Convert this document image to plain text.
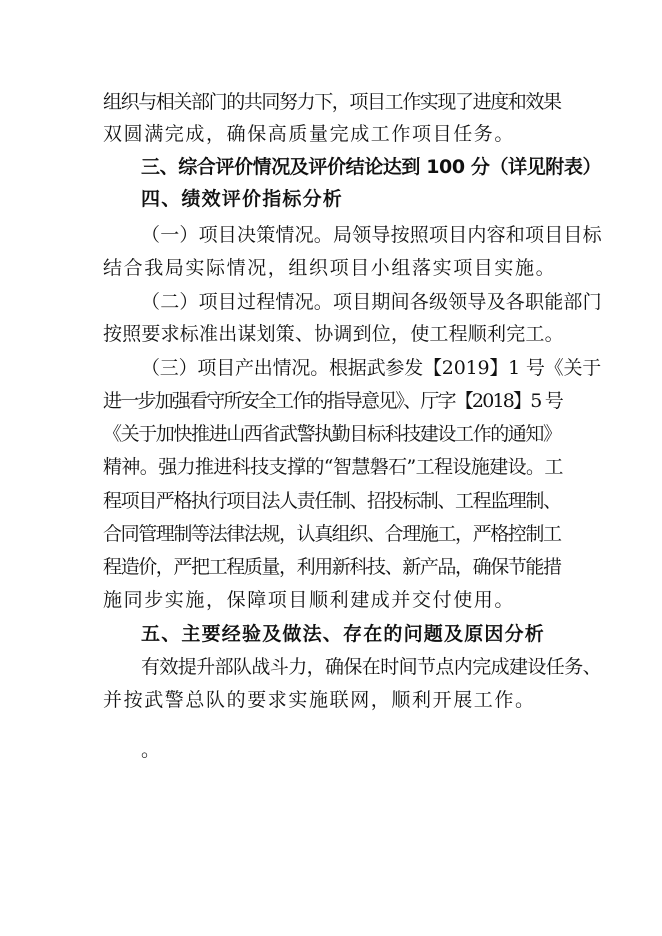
组织与相关部门的共同努力下，项目工作实现了进度和效果
双圆满完成，确保高质量完成工作项目任务。
三、综合评价情况及评价结论达到 100 分（详见附表）
四、绩效评价指标分析
（一）项目决策情况。局领导按照项目内容和项目目标
结合我局实际情况，组织项目小组落实项目实施。
（二）项目过程情况。项目期间各级领导及各职能部门
按照要求标准出谋划策、协调到位，使工程顺利完工。
（三）项目产出情况。根据武参发【2019】1 号《关于
进一步加强看守所安全工作的指导意见》、厅字【2018】5 号
《关于加快推进山西省武警执勤目标科技建设工作的通知》
精神。强力推进科技支撑的“智慧磐石”工程设施建设。工
程项目严格执行项目法人责任制、招投标制、工程监理制、
合同管理制等法律法规，认真组织、合理施工，严格控制工
程造价，严把工程质量，利用新科技、新产品，确保节能措
施同步实施，保障项目顺利建成并交付使用。
五、主要经验及做法、存在的问题及原因分析
有效提升部队战斗力，确保在时间节点内完成建设任务、
并按武警总队的要求实施联网，顺利开展工作。
。
